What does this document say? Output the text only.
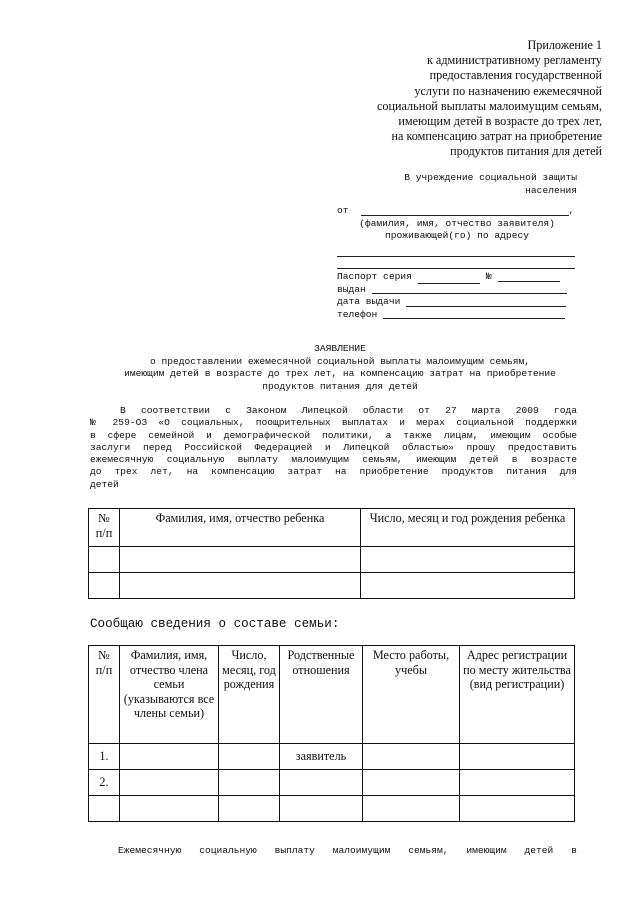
Приложение 1
к административному регламенту
предоставления государственной
услуги по назначению ежемесячной
социальной выплаты малоимущим семьям,
имеющим детей в возрасте до трех лет,
на компенсацию затрат на приобретение
продуктов питания для детей
В учреждение социальной защиты
населения
от	,
(фамилия, имя, отчество заявителя)
проживающей(го) по адресу
Паспорт серия	№
выдан
дата выдачи
телефон
ЗАЯВЛЕНИЕ
о предоставлении ежемесячной социальной выплаты малоимущим семьям,
имеющим детей в возрасте до трех лет, на компенсацию затрат на приобретение
продуктов питания для детей
В соответствии с Законом Липецкой области от 27 марта 2009 года
№ 259-ОЗ «О социальных, поощрительных выплатах и мерах социальной поддержки
в сфере семейной и демографической политики, а также лицам, имеющим особые
заслуги перед Российской Федерацией и Липецкой областью» прошу предоставить
ежемесячную социальную выплату малоимущим семьям, имеющим детей в возрасте
до трех лет, на компенсацию затрат на приобретение продуктов питания для
детей
№ п/п	Фамилия, имя, отчество ребенка	Число, месяц и год рождения ребенка

Сообщаю сведения о составе семьи:
№ п/п	Фамилия, имя, отчество члена семьи (указываются все члены семьи)	Число, месяц, год рождения	Родственные отношения	Место работы, учебы	Адрес регистрации по месту жительства (вид регистрации)
1.			заявитель		
2.					

Ежемесячную социальную выплату малоимущим семьям, имеющим детей в
